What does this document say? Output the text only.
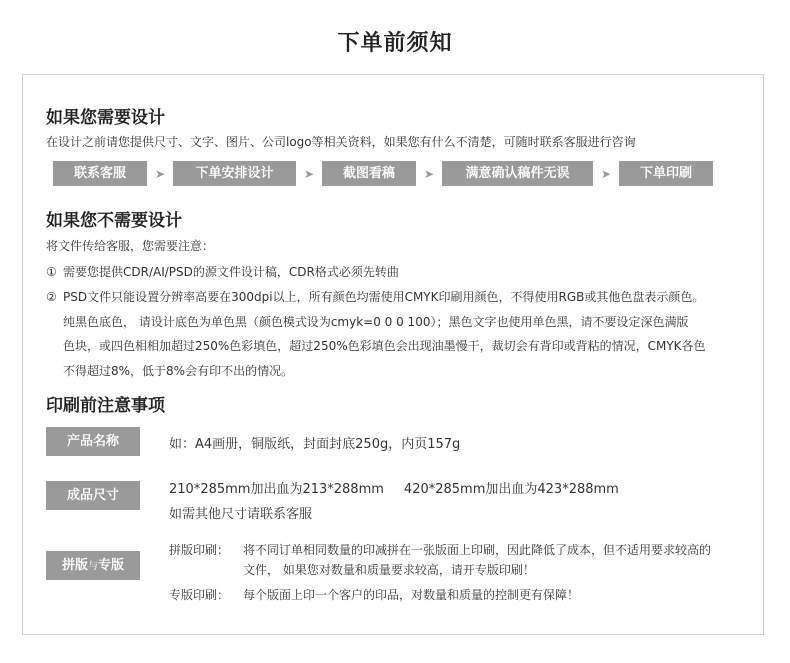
下单前须知
如果您需要设计
在设计之前请您提供尺寸、文字、图片、公司logo等相关资料，如果您有什么不清楚，可随时联系客服进行咨询
联系客服	➤	下单安排设计	➤	截图看稿	➤	满意确认稿件无误	➤	下单印刷
如果您不需要设计
将文件传给客服，您需要注意：
① 需要您提供CDR/AI/PSD的源文件设计稿，CDR格式必须先转曲
② PSD文件只能设置分辨率高要在300dpi以上，所有颜色均需使用CMYK印刷用颜色，不得使用RGB或其他色盘表示颜色。
纯黑色底色， 请设计底色为单色黑（颜色模式设为cmyk=0 0 0 100）；黑色文字也使用单色黑，请不要设定深色满版
色块，或四色相相加超过250%色彩填色，超过250%色彩填色会出现油墨慢干，裁切会有背印或背粘的情况，CMYK各色
不得超过8%，低于8%会有印不出的情况。
印刷前注意事项
产品名称	如：A4画册，铜版纸，封面封底250g，内页157g
成品尺寸	210*285mm加出血为213*288mm 420*285mm加出血为423*288mm
如需其他尺寸请联系客服
拼版与专版
拼版印刷： 将不同订单相同数量的印减拼在一张版面上印刷，因此降低了成本，但不适用要求较高的
文件， 如果您对数量和质量要求较高，请开专版印刷！
专版印刷： 每个版面上印一个客户的印品，对数量和质量的控制更有保障！
